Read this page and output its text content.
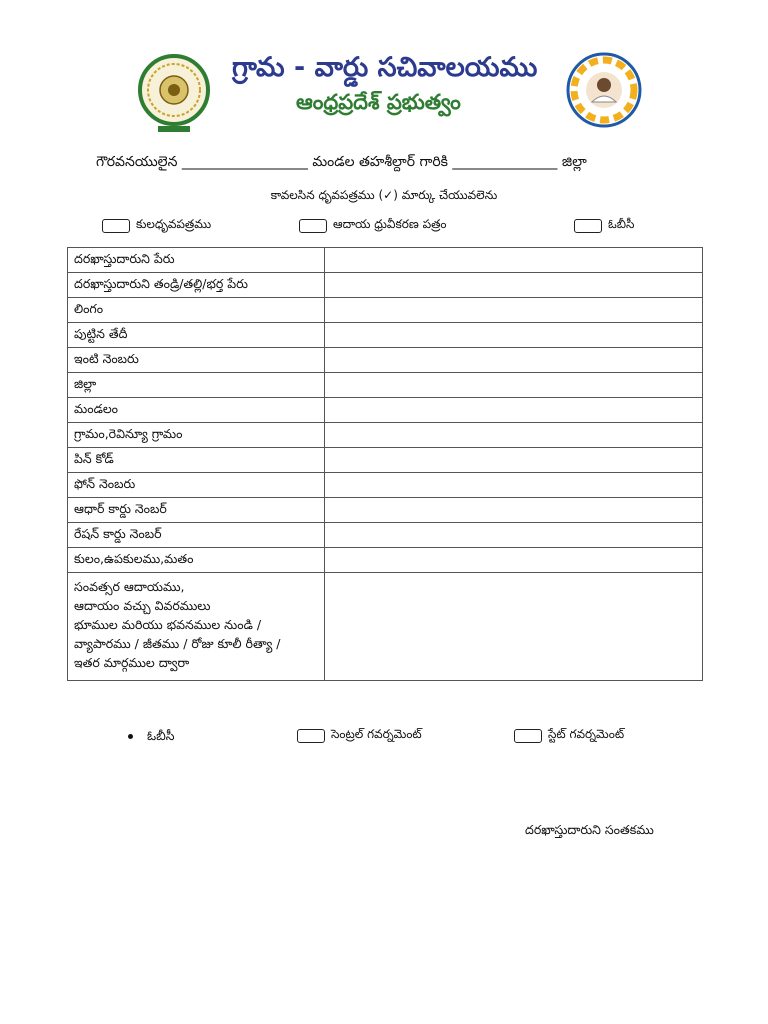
గ్రామ - వార్డు సచివాలయము
ఆంధ్రప్రదేశ్ ప్రభుత్వం
గౌరవనయులైన __________________ మండల తహశీల్దార్ గారికి _______________ జిల్లా
కావలసిన ధృవపత్రము (✓) మార్కు చేయువలెను
కులధృవపత్రము	ఆదాయ ధ్రువీకరణ పత్రం	ఓబీసీ
దరఖాస్తుదారుని పేరు	
దరఖాస్తుదారుని తండ్రి/తల్లి/భర్త పేరు	
లింగం	
పుట్టిన తేదీ	
ఇంటి నెంబరు	
జిల్లా	
మండలం	
గ్రామం,రెవిన్యూ గ్రామం	
పిన్ కోడ్	
ఫోన్ నెంబరు	
ఆధార్ కార్డు నెంబర్	
రేషన్ కార్డు నెంబర్	
కులం,ఉపకులము,మతం	

సంవత్సర ఆదాయము,
ఆదాయం వచ్చు వివరములు
భూముల మరియు భవనముల నుండి /
వ్యాపారము / జీతము / రోజు కూలీ రీత్యా /
ఇతర మార్గముల ద్వారా	

ఓబీసీ	సెంట్రల్ గవర్నమెంట్	స్టేట్ గవర్నమెంట్
దరఖాస్తుదారుని సంతకము
